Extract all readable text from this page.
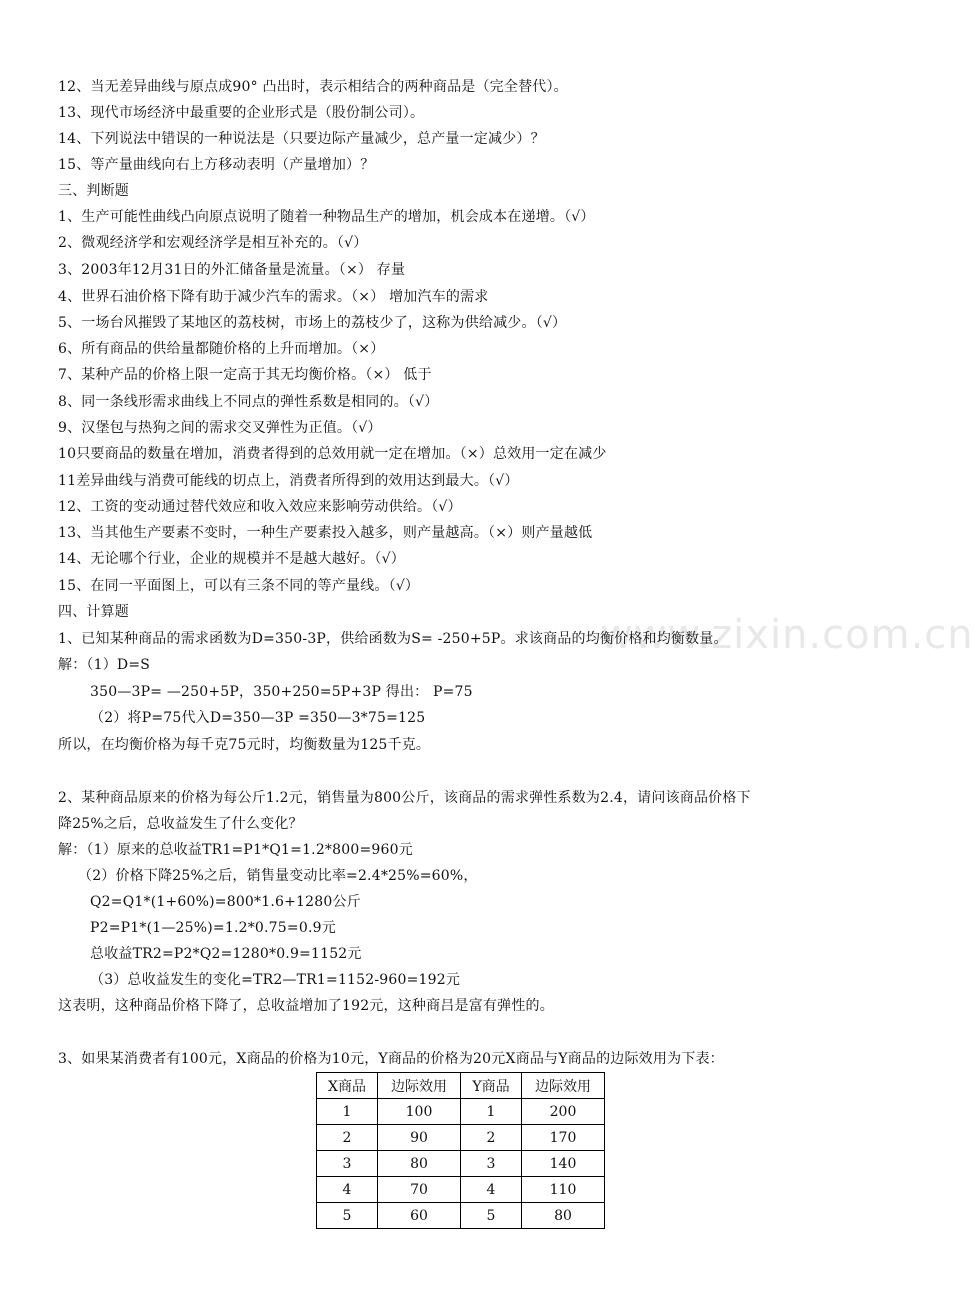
www.zixin.com.cn
12、当无差异曲线与原点成90° 凸出时，表示相结合的两种商品是（完全替代）。
13、现代市场经济中最重要的企业形式是（股份制公司）。
14、下列说法中错误的一种说法是（只要边际产量减少，总产量一定减少）？
15、等产量曲线向右上方移动表明（产量增加）？
三、判断题
1、生产可能性曲线凸向原点说明了随着一种物品生产的增加，机会成本在递增。（√）
2、微观经济学和宏观经济学是相互补充的。（√）
3、2003年12月31日的外汇储备量是流量。（×） 存量
4、世界石油价格下降有助于减少汽车的需求。（×） 增加汽车的需求
5、一场台风摧毁了某地区的荔枝树，市场上的荔枝少了，这称为供给减少。（√）
6、所有商品的供给量都随价格的上升而增加。（×）
7、某种产品的价格上限一定高于其无均衡价格。（×） 低于
8、同一条线形需求曲线上不同点的弹性系数是相同的。（√）
9、汉堡包与热狗之间的需求交叉弹性为正值。（√）
10只要商品的数量在增加，消费者得到的总效用就一定在增加。（×）总效用一定在减少
11差异曲线与消费可能线的切点上，消费者所得到的效用达到最大。（√）
12、工资的变动通过替代效应和收入效应来影响劳动供给。（√）
13、当其他生产要素不变时，一种生产要素投入越多，则产量越高。（×）则产量越低
14、无论哪个行业，企业的规模并不是越大越好。（√）
15、在同一平面图上，可以有三条不同的等产量线。（√）
四、计算题
1、已知某种商品的需求函数为D=350-3P，供给函数为S= -250+5P。求该商品的均衡价格和均衡数量。
解：（1）D=S
350—3P= —250+5P，350+250=5P+3P 得出： P=75
（2）将P=75代入D=350—3P =350—3*75=125
所以，在均衡价格为每千克75元时，均衡数量为125千克。
2、某种商品原来的价格为每公斤1.2元，销售量为800公斤，该商品的需求弹性系数为2.4，请问该商品价格下
降25%之后，总收益发生了什么变化？
解：（1）原来的总收益TR1=P1*Q1=1.2*800=960元
（2）价格下降25%之后，销售量变动比率=2.4*25%=60%，
Q2=Q1*(1+60%)=800*1.6+1280公斤
P2=P1*(1—25%)=1.2*0.75=0.9元
总收益TR2=P2*Q2=1280*0.9=1152元
（3）总收益发生的变化=TR2—TR1=1152-960=192元
这表明，这种商品价格下降了，总收益增加了192元，这种商吕是富有弹性的。
3、如果某消费者有100元，X商品的价格为10元，Y商品的价格为20元X商品与Y商品的边际效用为下表：
X商品	边际效用	Y商品	边际效用
1	100	1	200
2	90	2	170
3	80	3	140
4	70	4	110
5	60	5	80
